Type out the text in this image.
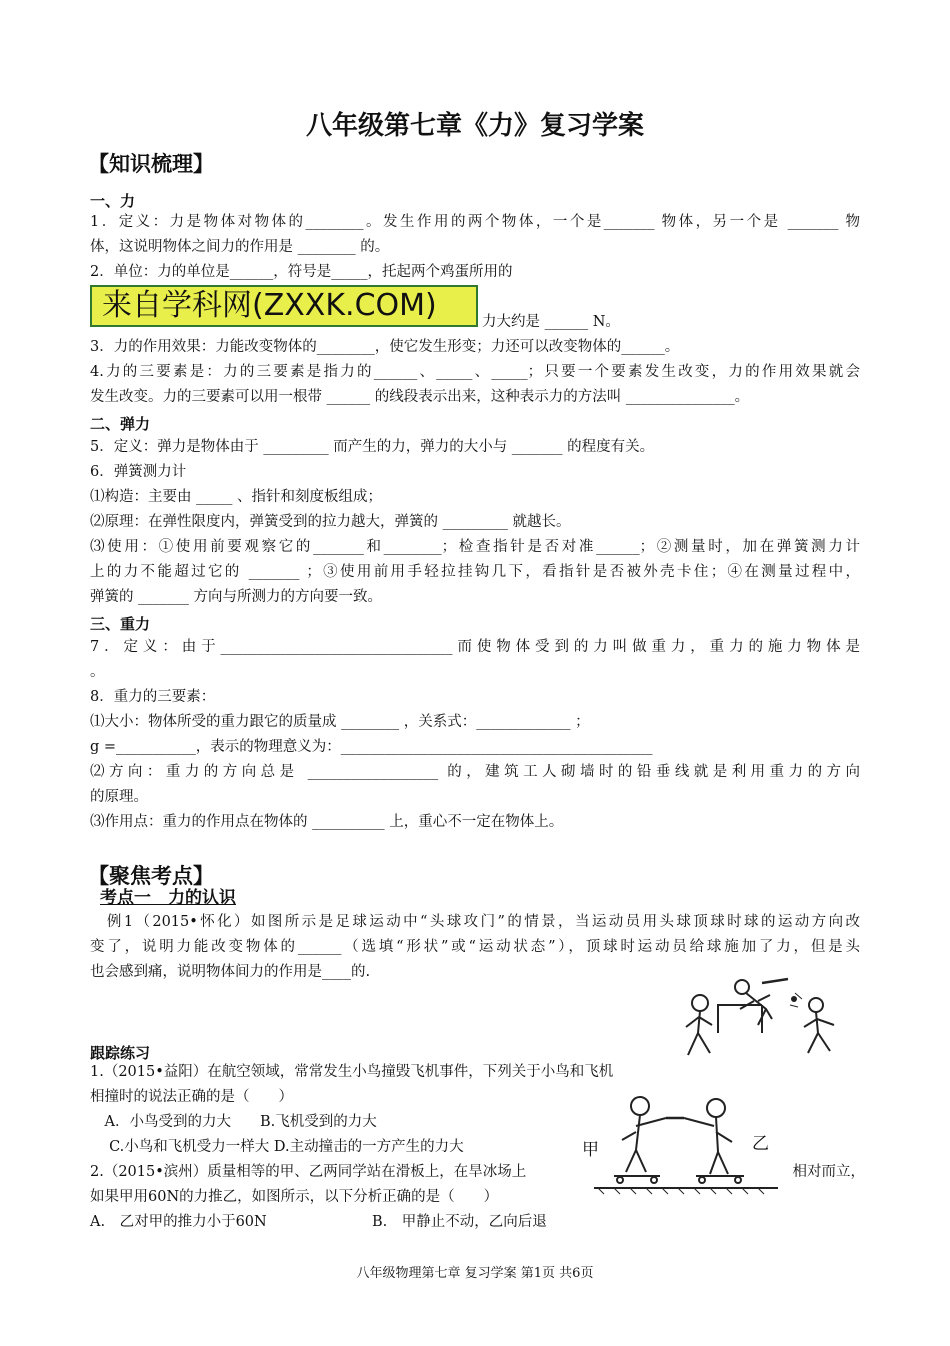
八年级第七章《力》复习学案
【知识梳理】
一、力
1．定义：力是物体对物体的________。发生作用的两个物体，一个是_______ 物体，另一个是 _______ 物
体，这说明物体之间力的作用是 ________ 的。
2．单位：力的单位是______，符号是_____，托起两个鸡蛋所用的
来自学科网(ZXXK.COM)	力大约是 ______ N。
3．力的作用效果：力能改变物体的________，使它发生形变；力还可以改变物体的______。
4.力的三要素是：力的三要素是指力的______、_____、_____；只要一个要素发生改变，力的作用效果就会
发生改变。力的三要素可以用一根带 ______ 的线段表示出来，这种表示力的方法叫 _______________。
二、弹力
5．定义：弹力是物体由于 _________ 而产生的力，弹力的大小与 _______ 的程度有关。
6．弹簧测力计
⑴构造：主要由 _____ 、指针和刻度板组成；
⑵原理：在弹性限度内，弹簧受到的拉力越大，弹簧的 _________ 就越长。
⑶使用：①使用前要观察它的_______和________；检查指针是否对准______；②测量时，加在弹簧测力计
上的力不能超过它的 _______ ；③使用前用手轻拉挂钩几下，看指针是否被外壳卡住；④在测量过程中，
弹簧的 _______ 方向与所测力的方向要一致。
三、重力
7．定义：由于________________________________而使物体受到的力叫做重力，重力的施力物体是
。
8．重力的三要素：
⑴大小：物体所受的重力跟它的质量成 ________ ，关系式：_____________ ；
g =___________，表示的物理意义为：___________________________________________
⑵方向：重力的方向总是 __________________ 的，建筑工人砌墙时的铅垂线就是利用重力的方向
的原理。
⑶作用点：重力的作用点在物体的 __________ 上，重心不一定在物体上。
【聚焦考点】
考点一　力的认识
　例1（2015•怀化）如图所示是足球运动中“头球攻门”的情景，当运动员用头球顶球时球的运动方向改
变了，说明力能改变物体的______（选填“形状”或“运动状态”），顶球时运动员给球施加了力，但是头
也会感到痛，说明物体间力的作用是____的.
跟踪练习
1.（2015•益阳）在航空领域，常常发生小鸟撞毁飞机事件，下列关于小鸟和飞机
相撞时的说法正确的是（　　）
　A．小鸟受到的力大　　B.飞机受到的力大
　 C.小鸟和飞机受力一样大 D.主动撞击的一方产生的力大
2.（2015•滨州）质量相等的甲、乙两同学站在滑板上，在旱冰场上	相对而立，
如果甲用60N的力推乙，如图所示，以下分析正确的是（　　）
A.　乙对甲的推力小于60N	B.　甲静止不动，乙向后退
甲	乙
八年级物理第七章 复习学案 第1页 共6页
